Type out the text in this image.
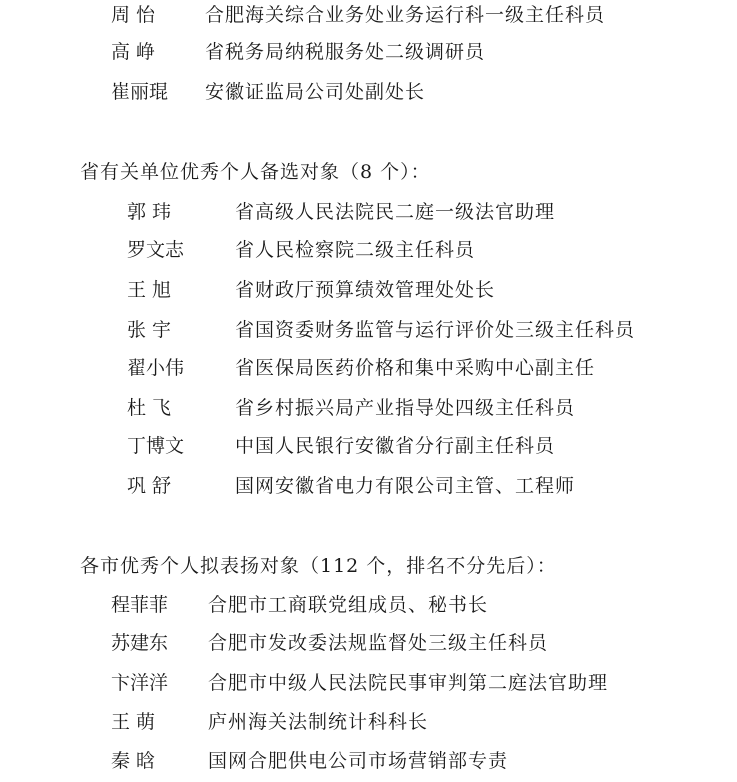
周 怡	合肥海关综合业务处业务运行科一级主任科员
高 峥	省税务局纳税服务处二级调研员
崔丽琨 安徽证监局公司处副处长
省有关单位优秀个人备选对象（8 个）：
郭 玮	省高级人民法院民二庭一级法官助理
罗文志	省人民检察院二级主任科员
王 旭	省财政厅预算绩效管理处处长
张 宇	省国资委财务监管与运行评价处三级主任科员
翟小伟	省医保局医药价格和集中采购中心副主任
杜 飞	省乡村振兴局产业指导处四级主任科员
丁博文	中国人民银行安徽省分行副主任科员
巩 舒	国网安徽省电力有限公司主管、工程师
各市优秀个人拟表扬对象（112 个，排名不分先后）：
程菲菲 合肥市工商联党组成员、秘书长
苏建东 合肥市发改委法规监督处三级主任科员
卞洋洋 合肥市中级人民法院民事审判第二庭法官助理
王 萌	庐州海关法制统计科科长
秦 晗	国网合肥供电公司市场营销部专责
